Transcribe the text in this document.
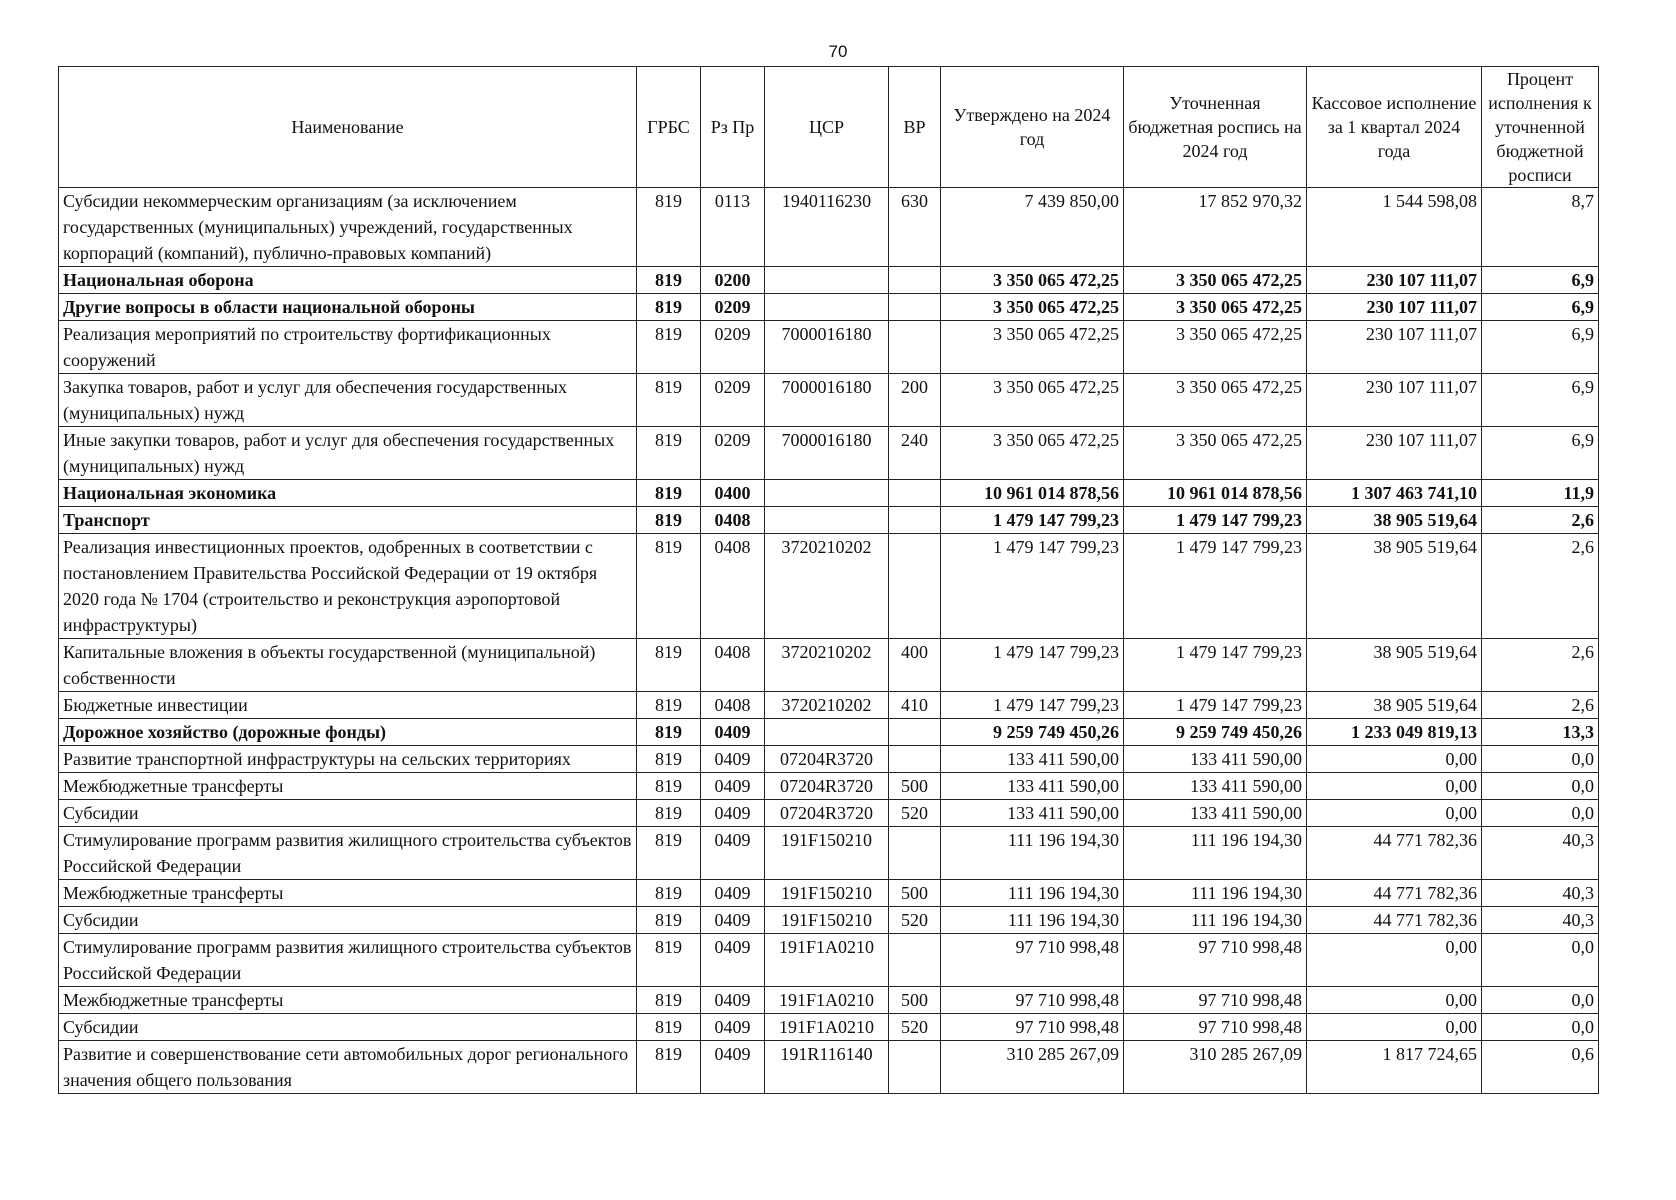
70
Наименование	ГРБС	Рз Пр	ЦСР	ВР	Утверждено на 2024 год	Уточненная бюджетная роспись на 2024 год	Кассовое исполнение за 1 квартал 2024 года	Процент исполнения к уточненной бюджетной росписи
Субсидии некоммерческим организациям (за исключением государственных (муниципальных) учреждений, государственных корпораций (компаний), публично-правовых компаний)	819	0113	1940116230	630	7 439 850,00	17 852 970,32	1 544 598,08	8,7
Национальная оборона	819	0200			3 350 065 472,25	3 350 065 472,25	230 107 111,07	6,9
Другие вопросы в области национальной обороны	819	0209			3 350 065 472,25	3 350 065 472,25	230 107 111,07	6,9
Реализация мероприятий по строительству фортификационных сооружений	819	0209	7000016180		3 350 065 472,25	3 350 065 472,25	230 107 111,07	6,9
Закупка товаров, работ и услуг для обеспечения государственных (муниципальных) нужд	819	0209	7000016180	200	3 350 065 472,25	3 350 065 472,25	230 107 111,07	6,9
Иные закупки товаров, работ и услуг для обеспечения государственных (муниципальных) нужд	819	0209	7000016180	240	3 350 065 472,25	3 350 065 472,25	230 107 111,07	6,9
Национальная экономика	819	0400			10 961 014 878,56	10 961 014 878,56	1 307 463 741,10	11,9
Транспорт	819	0408			1 479 147 799,23	1 479 147 799,23	38 905 519,64	2,6
Реализация инвестиционных проектов, одобренных в соответствии с постановлением Правительства Российской Федерации от 19 октября 2020 года № 1704 (строительство и реконструкция аэропортовой инфраструктуры)	819	0408	3720210202		1 479 147 799,23	1 479 147 799,23	38 905 519,64	2,6
Капитальные вложения в объекты государственной (муниципальной) собственности	819	0408	3720210202	400	1 479 147 799,23	1 479 147 799,23	38 905 519,64	2,6
Бюджетные инвестиции	819	0408	3720210202	410	1 479 147 799,23	1 479 147 799,23	38 905 519,64	2,6
Дорожное хозяйство (дорожные фонды)	819	0409			9 259 749 450,26	9 259 749 450,26	1 233 049 819,13	13,3
Развитие транспортной инфраструктуры на сельских территориях	819	0409	07204R3720		133 411 590,00	133 411 590,00	0,00	0,0
Межбюджетные трансферты	819	0409	07204R3720	500	133 411 590,00	133 411 590,00	0,00	0,0
Субсидии	819	0409	07204R3720	520	133 411 590,00	133 411 590,00	0,00	0,0
Стимулирование программ развития жилищного строительства субъектов Российской Федерации	819	0409	191F150210		111 196 194,30	111 196 194,30	44 771 782,36	40,3
Межбюджетные трансферты	819	0409	191F150210	500	111 196 194,30	111 196 194,30	44 771 782,36	40,3
Субсидии	819	0409	191F150210	520	111 196 194,30	111 196 194,30	44 771 782,36	40,3
Стимулирование программ развития жилищного строительства субъектов Российской Федерации	819	0409	191F1A0210		97 710 998,48	97 710 998,48	0,00	0,0
Межбюджетные трансферты	819	0409	191F1A0210	500	97 710 998,48	97 710 998,48	0,00	0,0
Субсидии	819	0409	191F1A0210	520	97 710 998,48	97 710 998,48	0,00	0,0
Развитие и совершенствование сети автомобильных дорог регионального значения общего пользования	819	0409	191R116140		310 285 267,09	310 285 267,09	1 817 724,65	0,6
